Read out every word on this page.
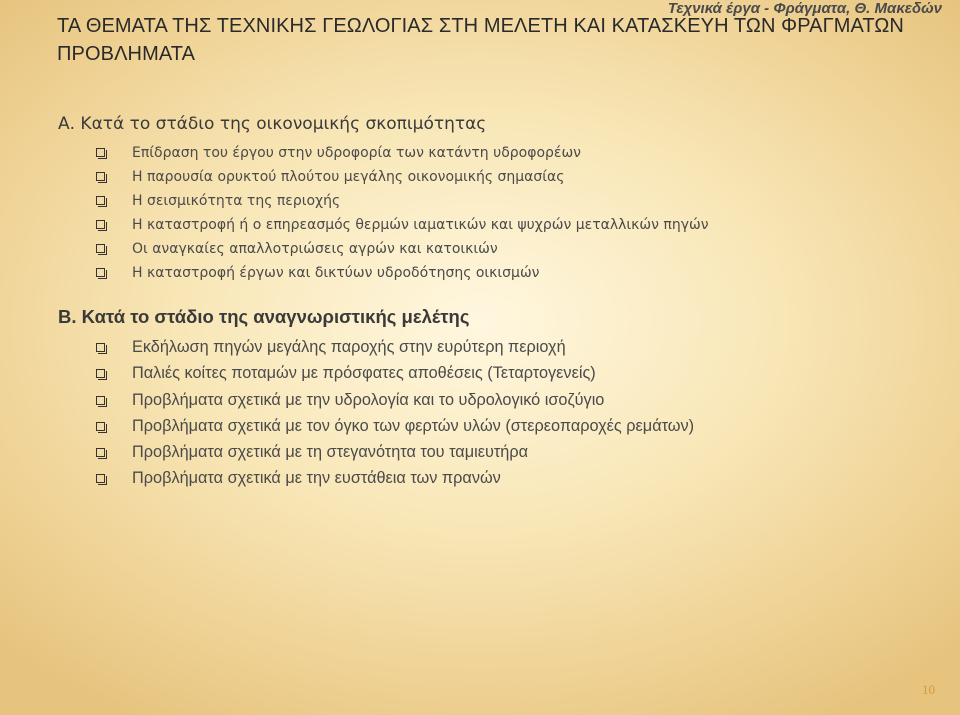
Τεχνικά έργα - Φράγματα, Θ. Μακεδών
ΤΑ ΘΕΜΑΤΑ ΤΗΣ ΤΕΧΝΙΚΗΣ ΓΕΩΛΟΓΙΑΣ ΣΤΗ ΜΕΛΕΤΗ ΚΑΙ ΚΑΤΑΣΚΕΥΗ ΤΩΝ ΦΡΑΓΜΑΤΩΝ ΠΡΟΒΛΗΜΑΤΑ
Α. Κατά το στάδιο της οικονομικής σκοπιμότητας
Επίδραση του έργου στην υδροφορία των κατάντη υδροφορέων
Η παρουσία ορυκτού πλούτου μεγάλης οικονομικής σημασίας
Η σεισμικότητα της περιοχής
Η καταστροφή ή ο επηρεασμός θερμών ιαματικών και ψυχρών μεταλλικών πηγών
Οι αναγκαίες απαλλοτριώσεις αγρών και κατοικιών
Η καταστροφή έργων και δικτύων υδροδότησης οικισμών
Β. Κατά το στάδιο της αναγνωριστικής μελέτης
Εκδήλωση πηγών μεγάλης παροχής στην ευρύτερη περιοχή
Παλιές κοίτες ποταμών με πρόσφατες αποθέσεις (Τεταρτογενείς)
Προβλήματα σχετικά με την υδρολογία και το υδρολογικό ισοζύγιο
Προβλήματα σχετικά με τον όγκο των φερτών υλών (στερεοπαροχές ρεμάτων)
Προβλήματα σχετικά με τη στεγανότητα του ταμιευτήρα
Προβλήματα σχετικά με την ευστάθεια των πρανών
10
